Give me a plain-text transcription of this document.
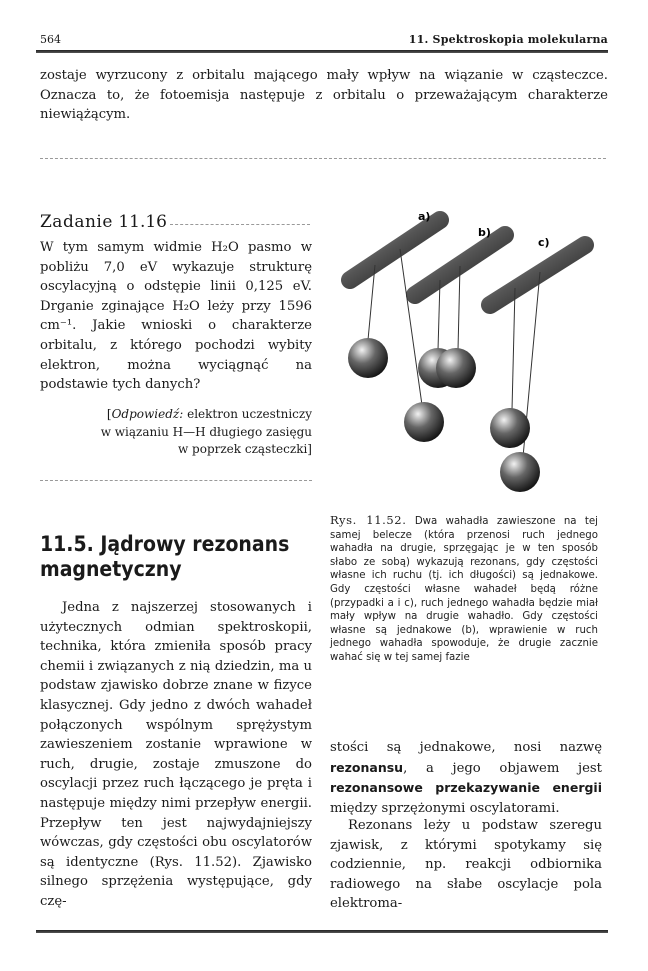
564	11. Spektroskopia molekularna
zostaje wyrzucony z orbitalu mającego mały wpływ na wiązanie w cząsteczce. Oznacza to, że fotoemisja następuje z orbitalu o przeważającym charakterze niewiążącym.
Zadanie 11.16
W tym samym widmie H₂O pasmo w pobliżu 7,0 eV wykazuje strukturę oscylacyjną o odstępie linii 0,125 eV. Drganie zginające H₂O leży przy 1596 cm⁻¹. Jakie wnioski o charakterze orbitalu, z którego pochodzi wybity elektron, można wyciągnąć na podstawie tych danych?
[Odpowiedź: elektron uczestniczy
w wiązaniu H—H długiego zasięgu
w poprzek cząsteczki]
a)
b)
c)
11.5. Jądrowy rezonans
magnetyczny
Jedna z najszerzej stosowanych i użytecznych odmian spektroskopii, technika, która zmieniła sposób pracy chemii i związanych z nią dziedzin, ma u podstaw zjawisko dobrze znane w fizyce klasycznej. Gdy jedno z dwóch wahadeł połączonych wspólnym sprężystym zawieszeniem zostanie wprawione w ruch, drugie, zostaje zmuszone do oscylacji przez ruch łączącego je pręta i następuje między nimi przepływ energii. Przepływ ten jest najwydajniejszy wówczas, gdy częstości obu oscylatorów są identyczne (Rys. 11.52). Zjawisko silnego sprzężenia występujące, gdy czę-
Rys. 11.52. Dwa wahadła zawieszone na tej samej belecze (która przenosi ruch jednego wahadła na drugie, sprzęgając je w ten sposób słabo ze sobą) wykazują rezonans, gdy częstości własne ich ruchu (tj. ich długości) są jednakowe. Gdy częstości własne wahadeł będą różne (przypadki a i c), ruch jednego wahadła będzie miał mały wpływ na drugie wahadło. Gdy częstości własne są jednakowe (b), wprawienie w ruch jednego wahadła spowoduje, że drugie zacznie wahać się w tej samej fazie
stości są jednakowe, nosi nazwę rezonansu, a jego objawem jest rezonansowe przekazywanie energii między sprzężonymi oscylatorami.
Rezonans leży u podstaw szeregu zjawisk, z którymi spotykamy się codziennie, np. reakcji odbiornika radiowego na słabe oscylacje pola elektroma-
